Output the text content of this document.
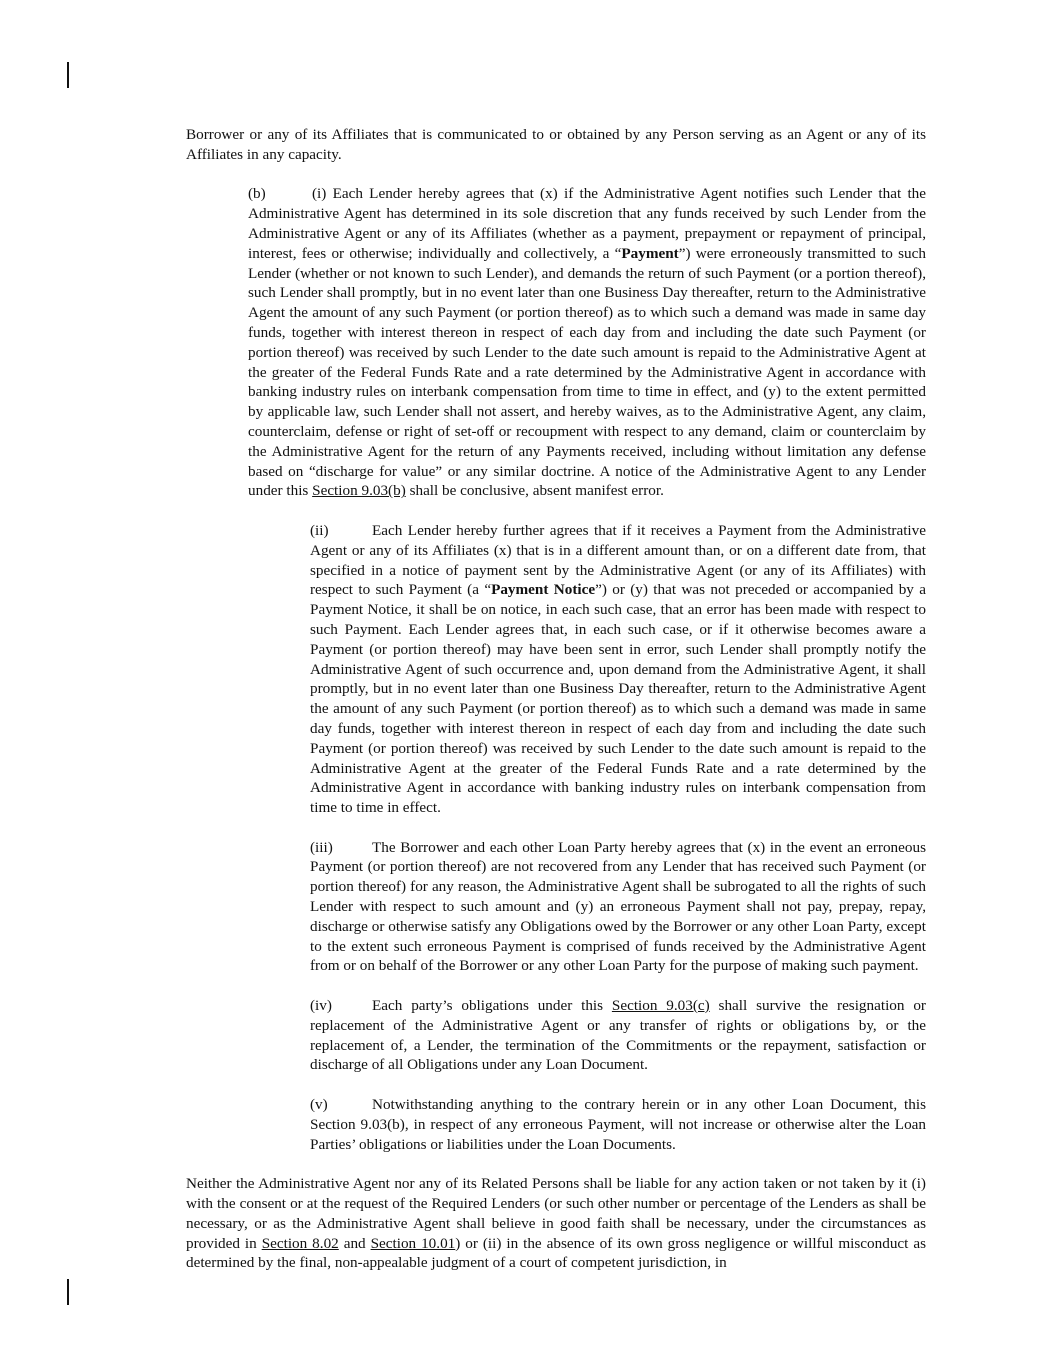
Borrower or any of its Affiliates that is communicated to or obtained by any Person serving as an Agent or any of its Affiliates in any capacity.

(b)	(i) Each Lender hereby agrees that (x) if the Administrative Agent notifies such Lender that the Administrative Agent has determined in its sole discretion that any funds received by such Lender from the Administrative Agent or any of its Affiliates (whether as a payment, prepayment or repayment of principal, interest, fees or otherwise; individually and collectively, a “Payment”) were erroneously transmitted to such Lender (whether or not known to such Lender), and demands the return of such Payment (or a portion thereof), such Lender shall promptly, but in no event later than one Business Day thereafter, return to the Administrative Agent the amount of any such Payment (or portion thereof) as to which such a demand was made in same day funds, together with interest thereon in respect of each day from and including the date such Payment (or portion thereof) was received by such Lender to the date such amount is repaid to the Administrative Agent at the greater of the Federal Funds Rate and a rate determined by the Administrative Agent in accordance with banking industry rules on interbank compensation from time to time in effect, and (y) to the extent permitted by applicable law, such Lender shall not assert, and hereby waives, as to the Administrative Agent, any claim, counterclaim, defense or right of set-off or recoupment with respect to any demand, claim or counterclaim by the Administrative Agent for the return of any Payments received, including without limitation any defense based on “discharge for value” or any similar doctrine. A notice of the Administrative Agent to any Lender under this Section 9.03(b) shall be conclusive, absent manifest error.

(ii)	Each Lender hereby further agrees that if it receives a Payment from the Administrative Agent or any of its Affiliates (x) that is in a different amount than, or on a different date from, that specified in a notice of payment sent by the Administrative Agent (or any of its Affiliates) with respect to such Payment (a “Payment Notice”) or (y) that was not preceded or accompanied by a Payment Notice, it shall be on notice, in each such case, that an error has been made with respect to such Payment. Each Lender agrees that, in each such case, or if it otherwise becomes aware a Payment (or portion thereof) may have been sent in error, such Lender shall promptly notify the Administrative Agent of such occurrence and, upon demand from the Administrative Agent, it shall promptly, but in no event later than one Business Day thereafter, return to the Administrative Agent the amount of any such Payment (or portion thereof) as to which such a demand was made in same day funds, together with interest thereon in respect of each day from and including the date such Payment (or portion thereof) was received by such Lender to the date such amount is repaid to the Administrative Agent at the greater of the Federal Funds Rate and a rate determined by the Administrative Agent in accordance with banking industry rules on interbank compensation from time to time in effect.

(iii)	The Borrower and each other Loan Party hereby agrees that (x) in the event an erroneous Payment (or portion thereof) are not recovered from any Lender that has received such Payment (or portion thereof) for any reason, the Administrative Agent shall be subrogated to all the rights of such Lender with respect to such amount and (y) an erroneous Payment shall not pay, prepay, repay, discharge or otherwise satisfy any Obligations owed by the Borrower or any other Loan Party, except to the extent such erroneous Payment is comprised of funds received by the Administrative Agent from or on behalf of the Borrower or any other Loan Party for the purpose of making such payment.

(iv)	Each party’s obligations under this Section 9.03(c) shall survive the resignation or replacement of the Administrative Agent or any transfer of rights or obligations by, or the replacement of, a Lender, the termination of the Commitments or the repayment, satisfaction or discharge of all Obligations under any Loan Document.

(v)	Notwithstanding anything to the contrary herein or in any other Loan Document, this Section 9.03(b), in respect of any erroneous Payment, will not increase or otherwise alter the Loan Parties’ obligations or liabilities under the Loan Documents.

Neither the Administrative Agent nor any of its Related Persons shall be liable for any action taken or not taken by it (i) with the consent or at the request of the Required Lenders (or such other number or percentage of the Lenders as shall be necessary, or as the Administrative Agent shall believe in good faith shall be necessary, under the circumstances as provided in Section 8.02 and Section 10.01) or (ii) in the absence of its own gross negligence or willful misconduct as determined by the final, non-appealable judgment of a court of competent jurisdiction, in
